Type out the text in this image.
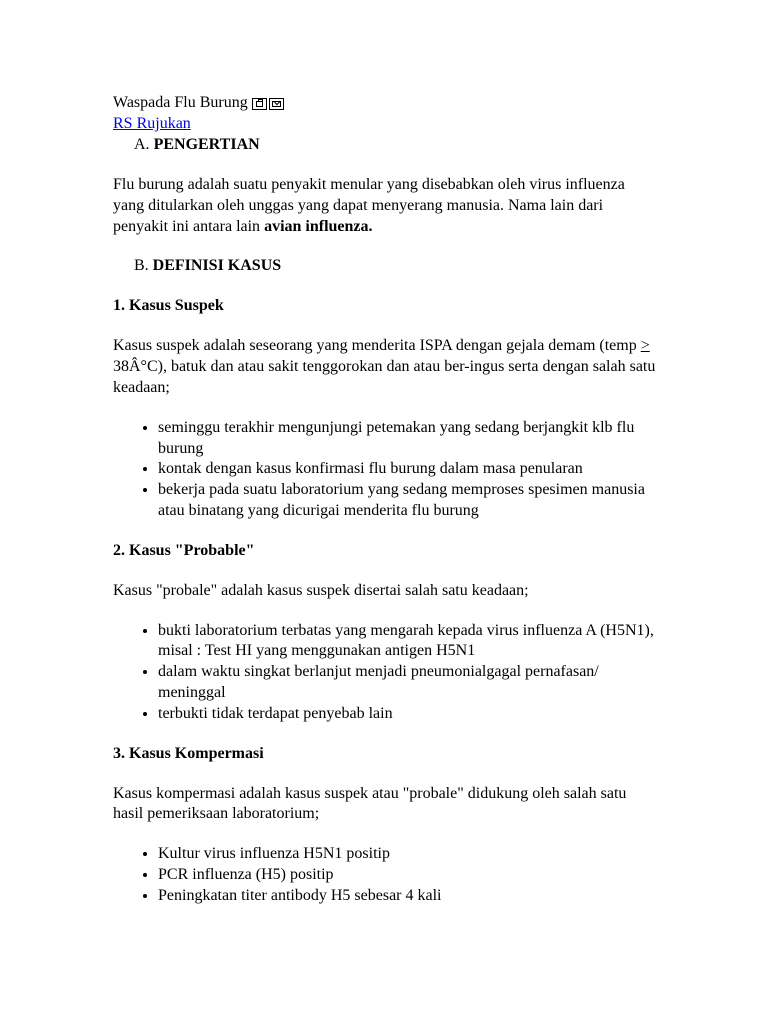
Waspada Flu Burung
RS Rujukan
A. PENGERTIAN

Flu burung adalah suatu penyakit menular yang disebabkan oleh virus influenza yang ditularkan oleh unggas yang dapat menyerang manusia. Nama lain dari penyakit ini antara lain avian influenza.

B. DEFINISI KASUS
1. Kasus Suspek

Kasus suspek adalah seseorang yang menderita ISPA dengan gejala demam (temp > 38Â°C), batuk dan atau sakit tenggorokan dan atau ber-ingus serta dengan salah satu keadaan;

• seminggu terakhir mengunjungi petemakan yang sedang berjangkit klb flu burung
• kontak dengan kasus konfirmasi flu burung dalam masa penularan
• bekerja pada suatu laboratorium yang sedang memproses spesimen manusia atau binatang yang dicurigai menderita flu burung
2. Kasus "Probable"

Kasus "probale" adalah kasus suspek disertai salah satu keadaan;

• bukti laboratorium terbatas yang mengarah kepada virus influenza A (H5N1), misal : Test HI yang menggunakan antigen H5N1
• dalam waktu singkat berlanjut menjadi pneumonialgagal pernafasan/ meninggal
• terbukti tidak terdapat penyebab lain
3. Kasus Kompermasi

Kasus kompermasi adalah kasus suspek atau "probale" didukung oleh salah satu hasil pemeriksaan laboratorium;

• Kultur virus influenza H5N1 positip
• PCR influenza (H5) positip
• Peningkatan titer antibody H5 sebesar 4 kali
